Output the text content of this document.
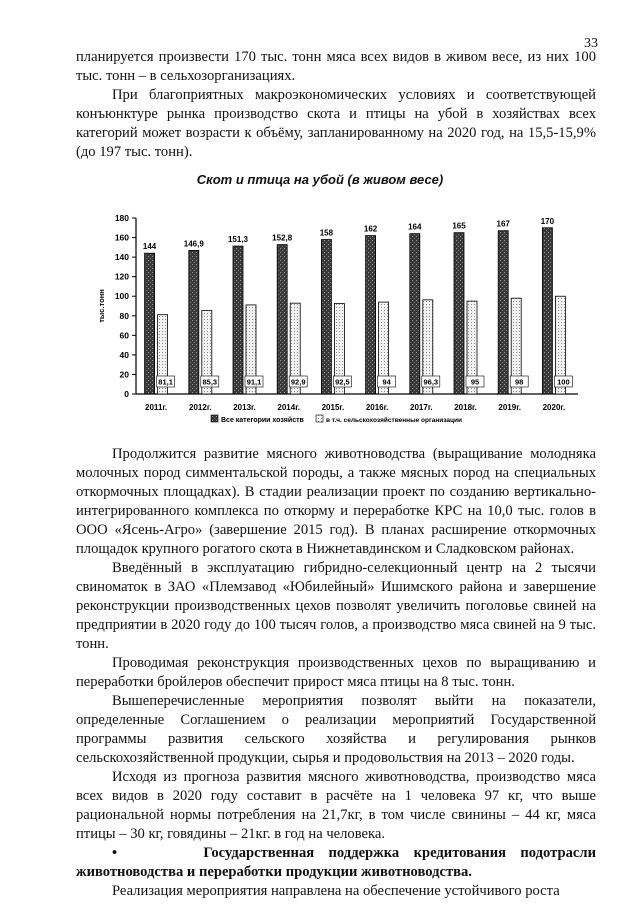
33

планируется произвести 170 тыс. тонн мяса всех видов в живом весе, из них 100 тыс. тонн – в сельхозорганизациях.

При благоприятных макроэкономических условиях и соответствующей конъюнктуре рынка производство скота и птицы на убой в хозяйствах всех категорий может возрасти к объёму, запланированному на 2020 год, на 15,5-15,9% (до 197 тыс. тонн).

Скот и птица на убой (в живом весе)
0
20
40
60
80
100
120
140
160
180
тыс.тонн
144
81,1
2011г.
146,9
85,3
2012г.
151,3
91,1
2013г.
152,8
92,9
2014г.
158
92,5
2015г.
162
94
2016г.
164
96,3
2017г.
165
95
2018г.
167
98
2019г.
170
100
2020г.
Все категории хозяйств	в т.ч. сельскохозяйственные организации

Продолжится развитие мясного животноводства (выращивание молодняка молочных пород симментальской породы, а также мясных пород на специальных откормочных площадках). В стадии реализации проект по созданию вертикально-интегрированного комплекса по откорму и переработке КРС на 10,0 тыс. голов в ООО «Ясень-Агро» (завершение 2015 год). В планах расширение откормочных площадок крупного рогатого скота в Нижнетавдинском и Сладковском районах.

Введённый в эксплуатацию гибридно-селекционный центр на 2 тысячи свиноматок в ЗАО «Племзавод «Юбилейный» Ишимского района и завершение реконструкции производственных цехов позволят увеличить поголовье свиней на предприятии в 2020 году до 100 тысяч голов, а производство мяса свиней на 9 тыс. тонн.

Проводимая реконструкция производственных цехов по выращиванию и переработки бройлеров обеспечит прирост мяса птицы на 8 тыс. тонн.

Вышеперечисленные мероприятия позволят выйти на показатели, определенные Соглашением о реализации мероприятий Государственной программы развития сельского хозяйства и регулирования рынков сельскохозяйственной продукции, сырья и продовольствия на 2013 – 2020 годы.

Исходя из прогноза развития мясного животноводства, производство мяса всех видов в 2020 году составит в расчёте на 1 человека 97 кг, что выше рациональной нормы потребления на 21,7кг, в том числе свинины – 44 кг, мяса птицы – 30 кг, говядины – 21кг. в год на человека.

•      Государственная поддержка кредитования подотрасли животноводства и переработки продукции животноводства.

Реализация мероприятия направлена на обеспечение устойчивого роста
